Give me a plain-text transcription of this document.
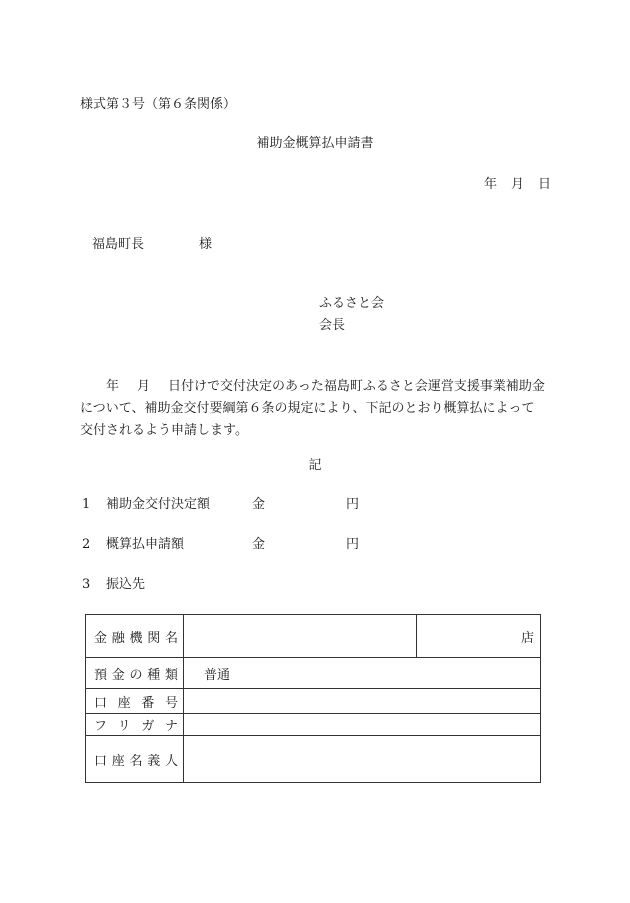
様式第３号（第６条関係）
補助金概算払申請書
年 月 日
福島町長	様
ふるさと会
会長
年 月 日付けで交付決定のあった福島町ふるさと会運営支援事業補助金
について、補助金交付要綱第６条の規定により、下記のとおり概算払によって
交付されるよう申請します。
記
1 補助金交付決定額	金	円
2 概算払申請額	金	円
3 振込先
金 融 機 関 名		店

預 金 の 種 類	普通	

口 座 番 号		

フ リ ガ ナ		

口 座 名 義 人		
